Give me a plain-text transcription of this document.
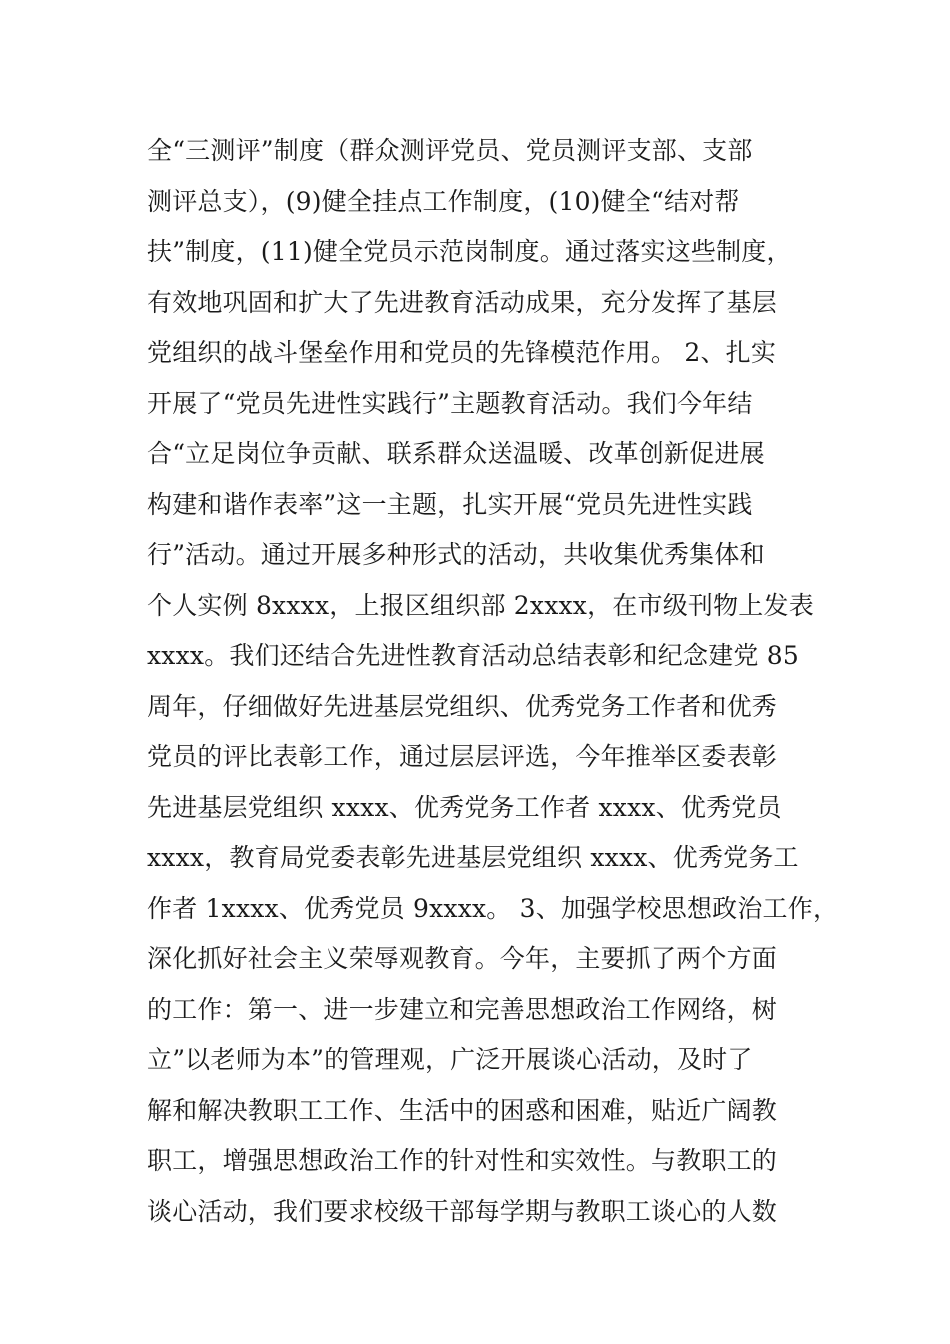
全“三测评”制度（群众测评党员、党员测评支部、支部
测评总支），(9)健全挂点工作制度，(10)健全“结对帮
扶”制度，(11)健全党员示范岗制度。通过落实这些制度，
有效地巩固和扩大了先进教育活动成果，充分发挥了基层
党组织的战斗堡垒作用和党员的先锋模范作用。 2、扎实
开展了“党员先进性实践行”主题教育活动。我们今年结
合“立足岗位争贡献、联系群众送温暖、改革创新促进展
构建和谐作表率”这一主题，扎实开展“党员先进性实践
行”活动。通过开展多种形式的活动，共收集优秀集体和
个人实例 8xxxx，上报区组织部 2xxxx，在市级刊物上发表
xxxx。我们还结合先进性教育活动总结表彰和纪念建党 85
周年，仔细做好先进基层党组织、优秀党务工作者和优秀
党员的评比表彰工作，通过层层评选，今年推举区委表彰
先进基层党组织 xxxx、优秀党务工作者 xxxx、优秀党员
xxxx，教育局党委表彰先进基层党组织 xxxx、优秀党务工
作者 1xxxx、优秀党员 9xxxx。 3、加强学校思想政治工作，
深化抓好社会主义荣辱观教育。今年，主要抓了两个方面
的工作：第一、进一步建立和完善思想政治工作网络，树
立”以老师为本”的管理观，广泛开展谈心活动，及时了
解和解决教职工工作、生活中的困惑和困难，贴近广阔教
职工，增强思想政治工作的针对性和实效性。与教职工的
谈心活动，我们要求校级干部每学期与教职工谈心的人数
